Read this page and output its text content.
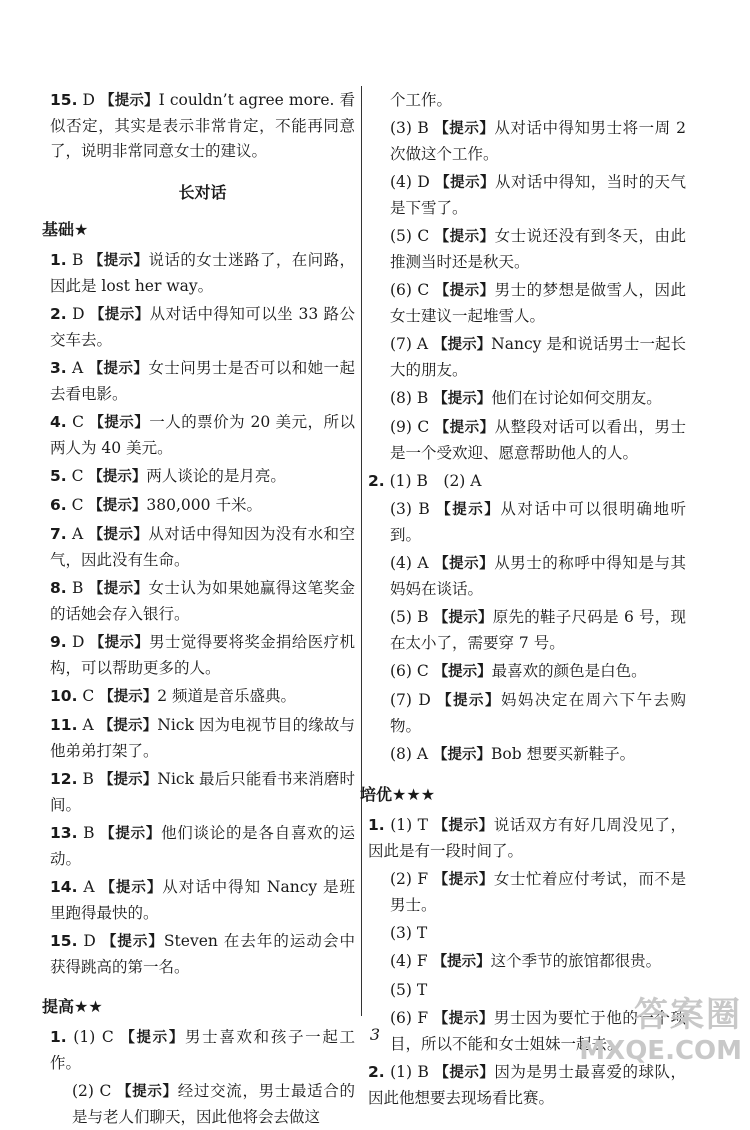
15. D 【提示】I couldn’t agree more. 看似否定，其实是表示非常肯定，不能再同意了，说明非常同意女士的建议。

长对话
基础★

1. B 【提示】说话的女士迷路了，在问路，因此是 lost her way。

2. D 【提示】从对话中得知可以坐 33 路公交车去。

3. A 【提示】女士问男士是否可以和她一起去看电影。

4. C 【提示】一人的票价为 20 美元，所以两人为 40 美元。

5. C 【提示】两人谈论的是月亮。

6. C 【提示】380,000 千米。

7. A 【提示】从对话中得知因为没有水和空气，因此没有生命。

8. B 【提示】女士认为如果她赢得这笔奖金的话她会存入银行。

9. D 【提示】男士觉得要将奖金捐给医疗机构，可以帮助更多的人。

10. C 【提示】2 频道是音乐盛典。

11. A 【提示】Nick 因为电视节目的缘故与他弟弟打架了。

12. B 【提示】Nick 最后只能看书来消磨时间。

13. B 【提示】他们谈论的是各自喜欢的运动。

14. A 【提示】从对话中得知 Nancy 是班里跑得最快的。

15. D 【提示】Steven 在去年的运动会中获得跳高的第一名。

提高★★

1. (1) C 【提示】男士喜欢和孩子一起工作。

(2) C 【提示】经过交流，男士最适合的是与老人们聊天，因此他将会去做这

个工作。

(3) B 【提示】从对话中得知男士将一周 2 次做这个工作。

(4) D 【提示】从对话中得知，当时的天气是下雪了。

(5) C 【提示】女士说还没有到冬天，由此推测当时还是秋天。

(6) C 【提示】男士的梦想是做雪人，因此女士建议一起堆雪人。

(7) A 【提示】Nancy 是和说话男士一起长大的朋友。

(8) B 【提示】他们在讨论如何交朋友。

(9) C 【提示】从整段对话可以看出，男士是一个受欢迎、愿意帮助他人的人。

2. (1) B　(2) A

(3) B 【提示】从对话中可以很明确地听到。

(4) A 【提示】从男士的称呼中得知是与其妈妈在谈话。

(5) B 【提示】原先的鞋子尺码是 6 号，现在太小了，需要穿 7 号。

(6) C 【提示】最喜欢的颜色是白色。

(7) D 【提示】妈妈决定在周六下午去购物。

(8) A 【提示】Bob 想要买新鞋子。

培优★★★

1. (1) T 【提示】说话双方有好几周没见了，因此是有一段时间了。

(2) F 【提示】女士忙着应付考试，而不是男士。

(3) T

(4) F 【提示】这个季节的旅馆都很贵。

(5) T

(6) F 【提示】男士因为要忙于他的一个项目，所以不能和女士姐妹一起去。

2. (1) B 【提示】因为是男士最喜爱的球队，因此他想要去现场看比赛。

3	答案圈
MXQE.COM
